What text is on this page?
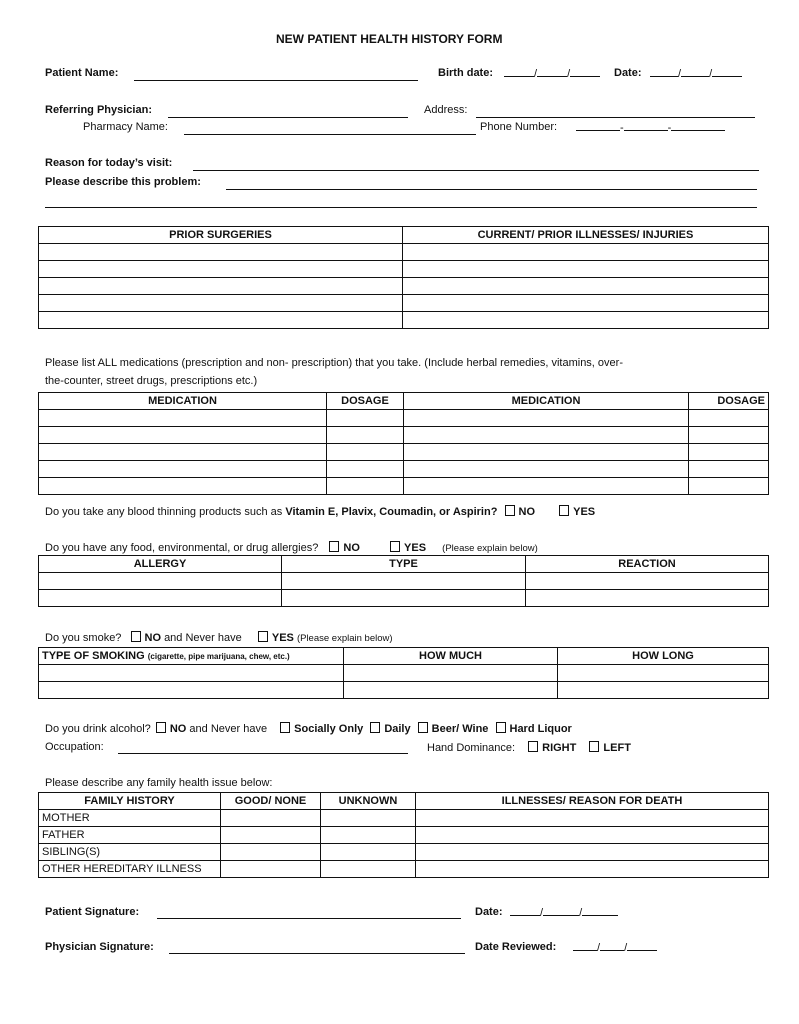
NEW PATIENT HEALTH HISTORY FORM
Patient Name:	Birth date:	/	/	Date:	/	/
Referring Physician:	Address:
Pharmacy Name:	Phone Number:	-	-
Reason for today’s visit:
Please describe this problem:
PRIOR SURGERIES	CURRENT/ PRIOR ILLNESSES/ INJURIES

Please list ALL medications (prescription and non- prescription) that you take. (Include herbal remedies, vitamins, over-
the-counter, street drugs, prescriptions etc.)
MEDICATION	DOSAGE	MEDICATION	DOSAGE

Do you take any blood thinning products such as Vitamin E, Plavix, Coumadin, or Aspirin? NO	YES
Do you have any food, environmental, or drug allergies? NO	YES (Please explain below)
ALLERGY	TYPE	REACTION

Do you smoke? NO and Never have	YES (Please explain below)
TYPE OF SMOKING (cigarette, pipe marijuana, chew, etc.)	HOW MUCH	HOW LONG

Do you drink alcohol? NO and Never have Socially Only Daily Beer/ Wine Hard Liquor
Occupation:	Hand Dominance: RIGHT LEFT
Please describe any family health issue below:
FAMILY HISTORY	GOOD/ NONE	UNKNOWN	ILLNESSES/ REASON FOR DEATH
MOTHER			
FATHER			
SIBLING(S)			
OTHER HEREDITARY ILLNESS			
Patient Signature:	Date:	/	/
Physician Signature:	Date Reviewed:	/ /
